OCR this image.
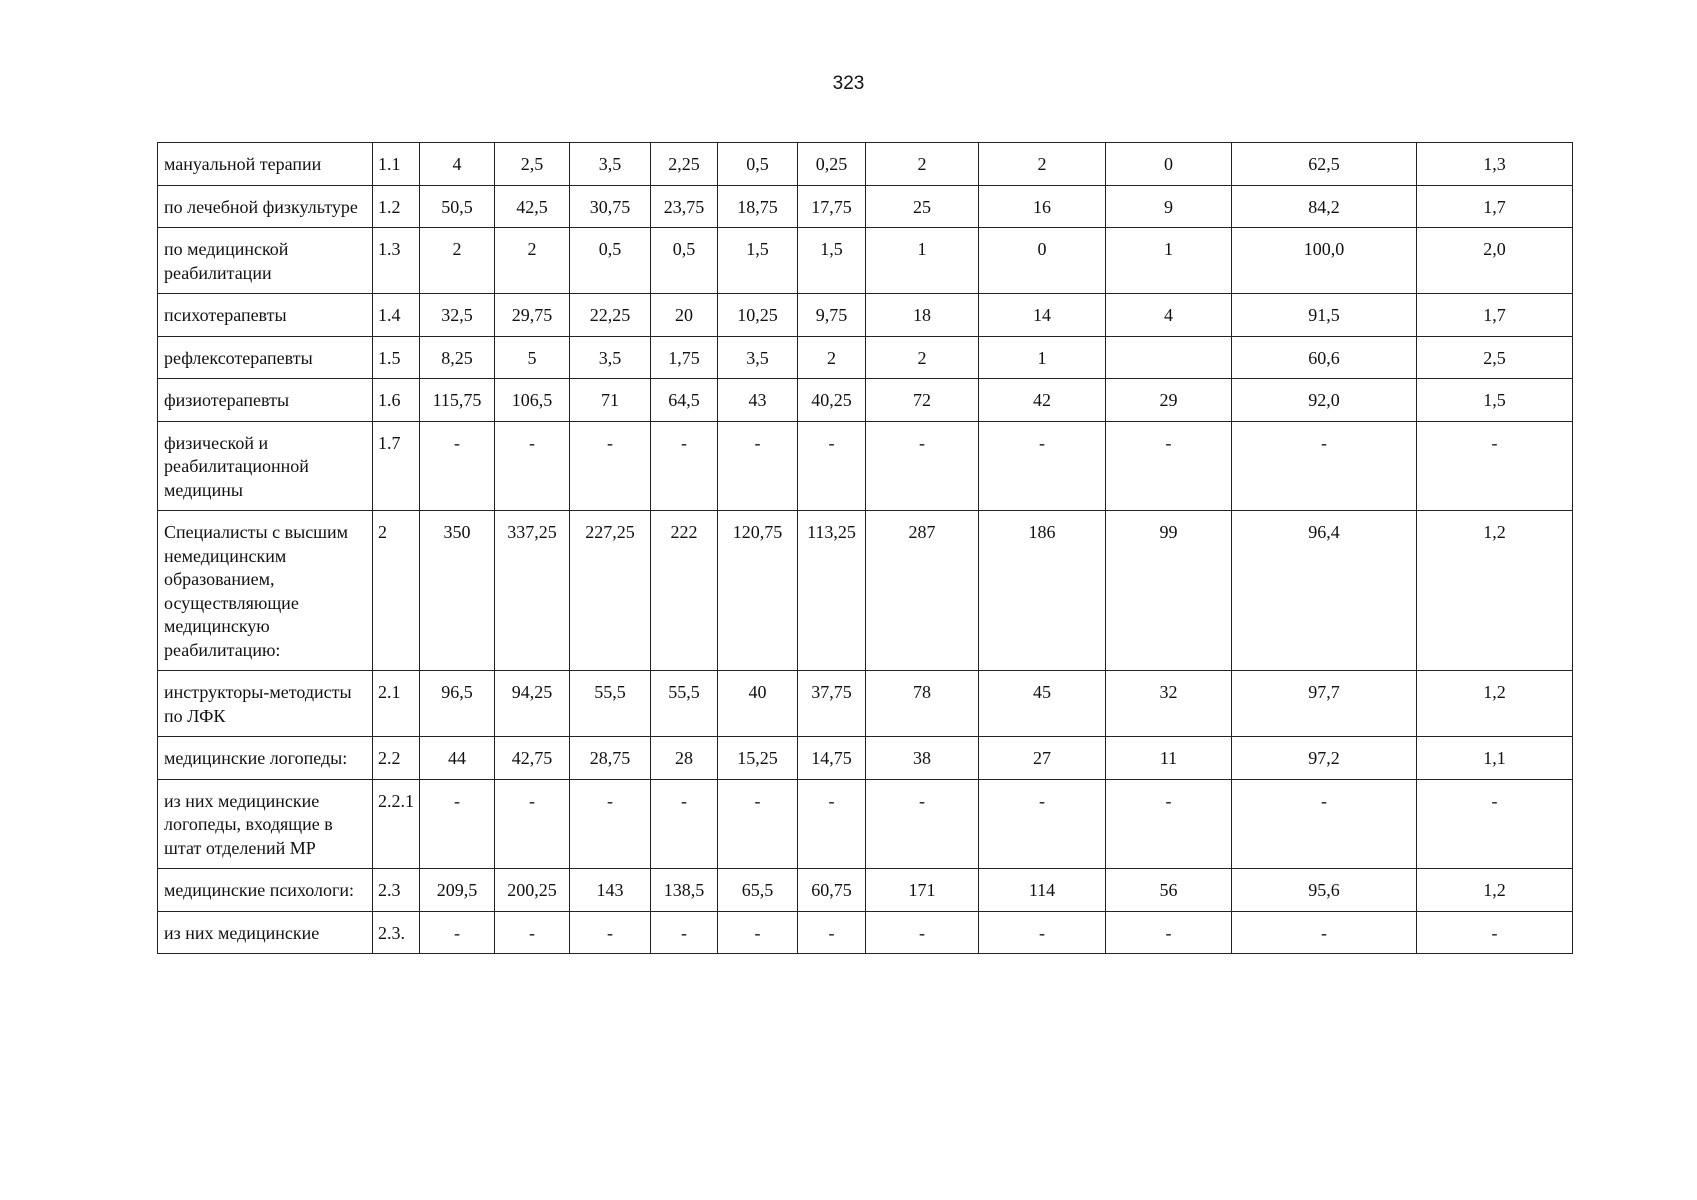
323
мануальной терапии	1.1	4	2,5	3,5	2,25	0,5	0,25	2	2	0	62,5	1,3
по лечебной физкультуре	1.2	50,5	42,5	30,75	23,75	18,75	17,75	25	16	9	84,2	1,7
по медицинской реабилитации	1.3	2	2	0,5	0,5	1,5	1,5	1	0	1	100,0	2,0
психотерапевты	1.4	32,5	29,75	22,25	20	10,25	9,75	18	14	4	91,5	1,7
рефлексотерапевты	1.5	8,25	5	3,5	1,75	3,5	2	2	1		60,6	2,5
физиотерапевты	1.6	115,75	106,5	71	64,5	43	40,25	72	42	29	92,0	1,5
физической и реабилитационной медицины	1.7	-	-	-	-	-	-	-	-	-	-	-
Специалисты с высшим немедицинским образованием, осуществляющие медицинскую реабилитацию:	2	350	337,25	227,25	222	120,75	113,25	287	186	99	96,4	1,2
инструкторы-методисты по ЛФК	2.1	96,5	94,25	55,5	55,5	40	37,75	78	45	32	97,7	1,2
медицинские логопеды:	2.2	44	42,75	28,75	28	15,25	14,75	38	27	11	97,2	1,1
из них медицинские логопеды, входящие в штат отделений МР	2.2.1	-	-	-	-	-	-	-	-	-	-	-
медицинские психологи:	2.3	209,5	200,25	143	138,5	65,5	60,75	171	114	56	95,6	1,2
из них медицинские	2.3.	-	-	-	-	-	-	-	-	-	-	-
